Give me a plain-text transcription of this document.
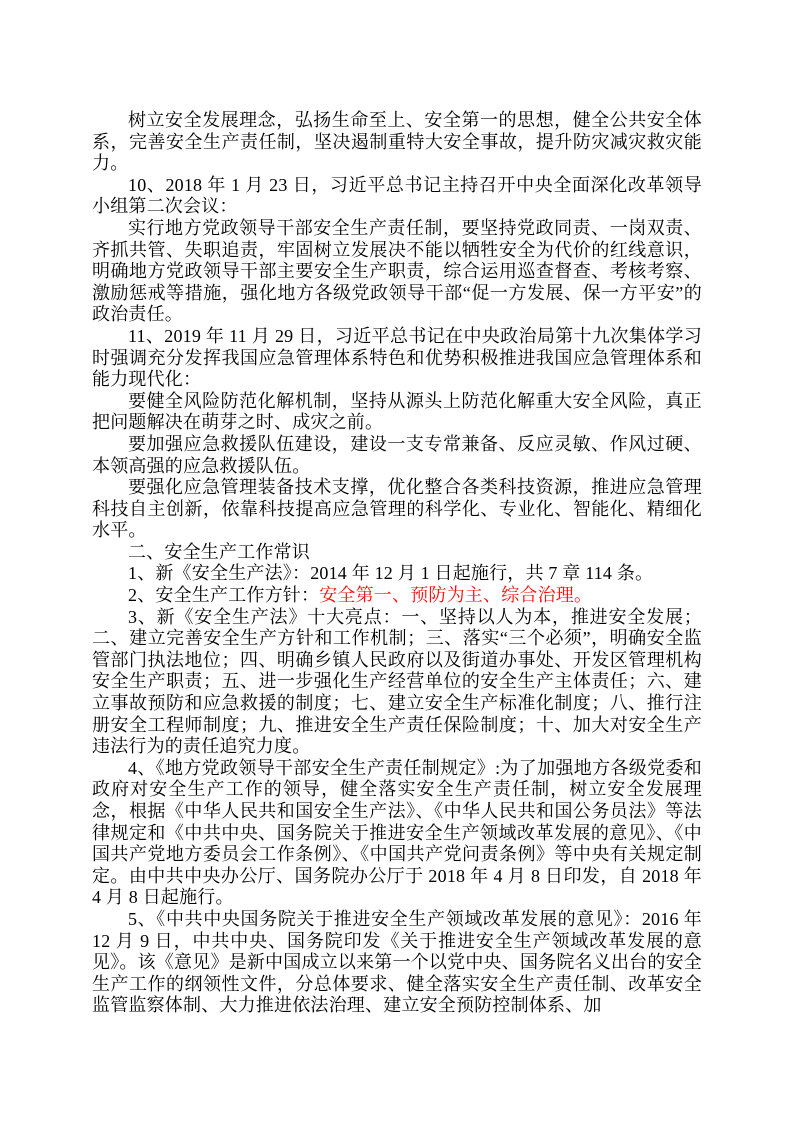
树立安全发展理念，弘扬生命至上、安全第一的思想，健全公共安全体系，完善安全生产责任制，坚决遏制重特大安全事故，提升防灾减灾救灾能力。

10、2018 年 1 月 23 日，习近平总书记主持召开中央全面深化改革领导小组第二次会议：

实行地方党政领导干部安全生产责任制，要坚持党政同责、一岗双责、齐抓共管、失职追责，牢固树立发展决不能以牺牲安全为代价的红线意识，明确地方党政领导干部主要安全生产职责，综合运用巡查督查、考核考察、激励惩戒等措施，强化地方各级党政领导干部“促一方发展、保一方平安”的政治责任。

11、2019 年 11 月 29 日，习近平总书记在中央政治局第十九次集体学习时强调充分发挥我国应急管理体系特色和优势积极推进我国应急管理体系和能力现代化：

要健全风险防范化解机制，坚持从源头上防范化解重大安全风险，真正把问题解决在萌芽之时、成灾之前。

要加强应急救援队伍建设，建设一支专常兼备、反应灵敏、作风过硬、本领高强的应急救援队伍。

要强化应急管理装备技术支撑，优化整合各类科技资源，推进应急管理科技自主创新，依靠科技提高应急管理的科学化、专业化、智能化、精细化水平。

二、安全生产工作常识

1、新《安全生产法》：2014 年 12 月 1 日起施行，共 7 章 114 条。

2、安全生产工作方针：安全第一、预防为主、综合治理。

3、新《安全生产法》十大亮点：一、坚持以人为本，推进安全发展；二、建立完善安全生产方针和工作机制；三、落实“三个必须”，明确安全监管部门执法地位；四、明确乡镇人民政府以及街道办事处、开发区管理机构安全生产职责；五、进一步强化生产经营单位的安全生产主体责任；六、建立事故预防和应急救援的制度；七、建立安全生产标准化制度；八、推行注册安全工程师制度；九、推进安全生产责任保险制度；十、加大对安全生产违法行为的责任追究力度。

4、《地方党政领导干部安全生产责任制规定》:为了加强地方各级党委和政府对安全生产工作的领导，健全落实安全生产责任制，树立安全发展理念，根据《中华人民共和国安全生产法》、《中华人民共和国公务员法》等法律规定和《中共中央、国务院关于推进安全生产领域改革发展的意见》、《中国共产党地方委员会工作条例》、《中国共产党问责条例》等中央有关规定制定。由中共中央办公厅、国务院办公厅于 2018 年 4 月 8 日印发，自 2018 年 4 月 8 日起施行。

5、《中共中央国务院关于推进安全生产领域改革发展的意见》：2016 年 12 月 9 日，中共中央、国务院印发《关于推进安全生产领域改革发展的意见》。该《意见》是新中国成立以来第一个以党中央、国务院名义出台的安全生产工作的纲领性文件，分总体要求、健全落实安全生产责任制、改革安全监管监察体制、大力推进依法治理、建立安全预防控制体系、加
